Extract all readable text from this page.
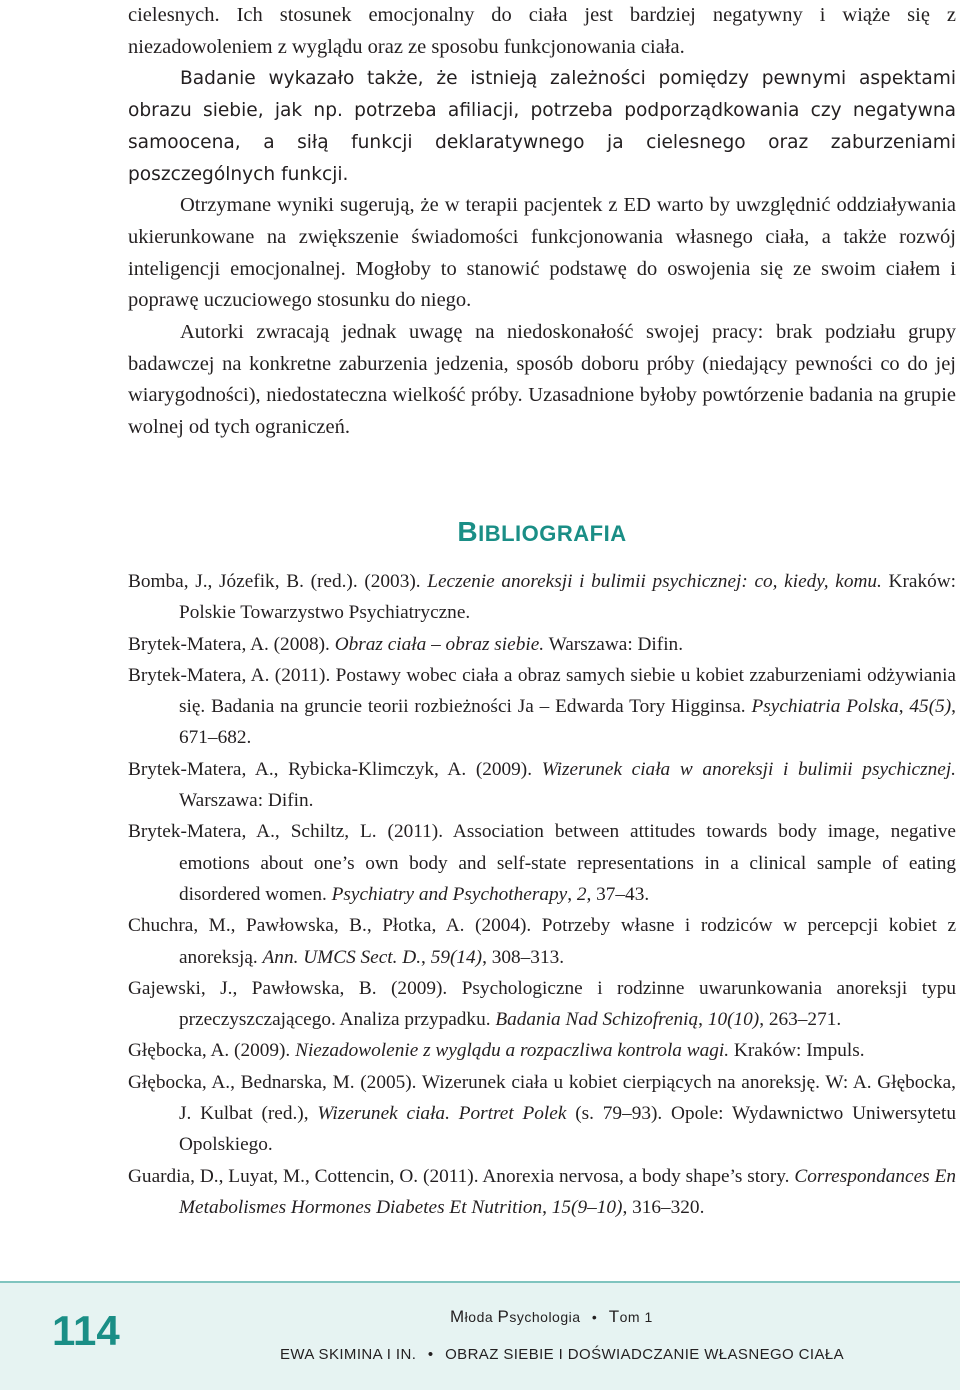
cielesnych. Ich stosunek emocjonalny do ciała jest bardziej negatywny i wiąże się z niezadowoleniem z wyglądu oraz ze sposobu funkcjonowania ciała.

Badanie wykazało także, że istnieją zależności pomiędzy pewnymi aspektami obrazu siebie, jak np. potrzeba afiliacji, potrzeba podporządkowania czy negatywna samoocena, a siłą funkcji deklaratywnego ja cielesnego oraz zaburzeniami poszczególnych funkcji.

Otrzymane wyniki sugerują, że w terapii pacjentek z ED warto by uwzględnić oddziaływania ukierunkowane na zwiększenie świadomości funkcjonowania własnego ciała, a także rozwój inteligencji emocjonalnej. Mogłoby to stanowić podstawę do oswojenia się ze swoim ciałem i poprawę uczuciowego stosunku do niego.

Autorki zwracają jednak uwagę na niedoskonałość swojej pracy: brak podziału grupy badawczej na konkretne zaburzenia jedzenia, sposób doboru próby (niedający pewności co do jej wiarygodności), niedostateczna wielkość próby. Uzasadnione byłoby powtórzenie badania na grupie wolnej od tych ograniczeń.

BIBLIOGRAFIA
Bomba, J., Józefik, B. (red.). (2003). Leczenie anoreksji i bulimii psychicznej: co, kiedy, komu. Kraków: Polskie Towarzystwo Psychiatryczne.
Brytek-Matera, A. (2008). Obraz ciała – obraz siebie. Warszawa: Difin.
Brytek-Matera, A. (2011). Postawy wobec ciała a obraz samych siebie u kobiet zzaburzeniami odżywiania się. Badania na gruncie teorii rozbieżności Ja – Edwarda Tory Higginsa. Psychiatria Polska, 45(5), 671–682.
Brytek-Matera, A., Rybicka-Klimczyk, A. (2009). Wizerunek ciała w anoreksji i bulimii psychicznej. Warszawa: Difin.
Brytek-Matera, A., Schiltz, L. (2011). Association between attitudes towards body image, negative emotions about one’s own body and self-state representations in a clinical sample of eating disordered women. Psychiatry and Psychotherapy, 2, 37–43.
Chuchra, M., Pawłowska, B., Płotka, A. (2004). Potrzeby własne i rodziców w percepcji kobiet z anoreksją. Ann. UMCS Sect. D., 59(14), 308–313.
Gajewski, J., Pawłowska, B. (2009). Psychologiczne i rodzinne uwarunkowania anoreksji typu przeczyszczającego. Analiza przypadku. Badania Nad Schizofrenią, 10(10), 263–271.
Głębocka, A. (2009). Niezadowolenie z wyglądu a rozpaczliwa kontrola wagi. Kraków: Impuls.
Głębocka, A., Bednarska, M. (2005). Wizerunek ciała u kobiet cierpiących na anoreksję. W: A. Głębocka, J. Kulbat (red.), Wizerunek ciała. Portret Polek (s. 79–93). Opole: Wydawnictwo Uniwersytetu Opolskiego.
Guardia, D., Luyat, M., Cottencin, O. (2011). Anorexia nervosa, a body shape’s story. Correspondances En Metabolismes Hormones Diabetes Et Nutrition, 15(9–10), 316–320.
114	Młoda Psychologia • Tom 1
EWA SKIMINA I IN. • OBRAZ SIEBIE I DOŚWIADCZANIE WŁASNEGO CIAŁA
